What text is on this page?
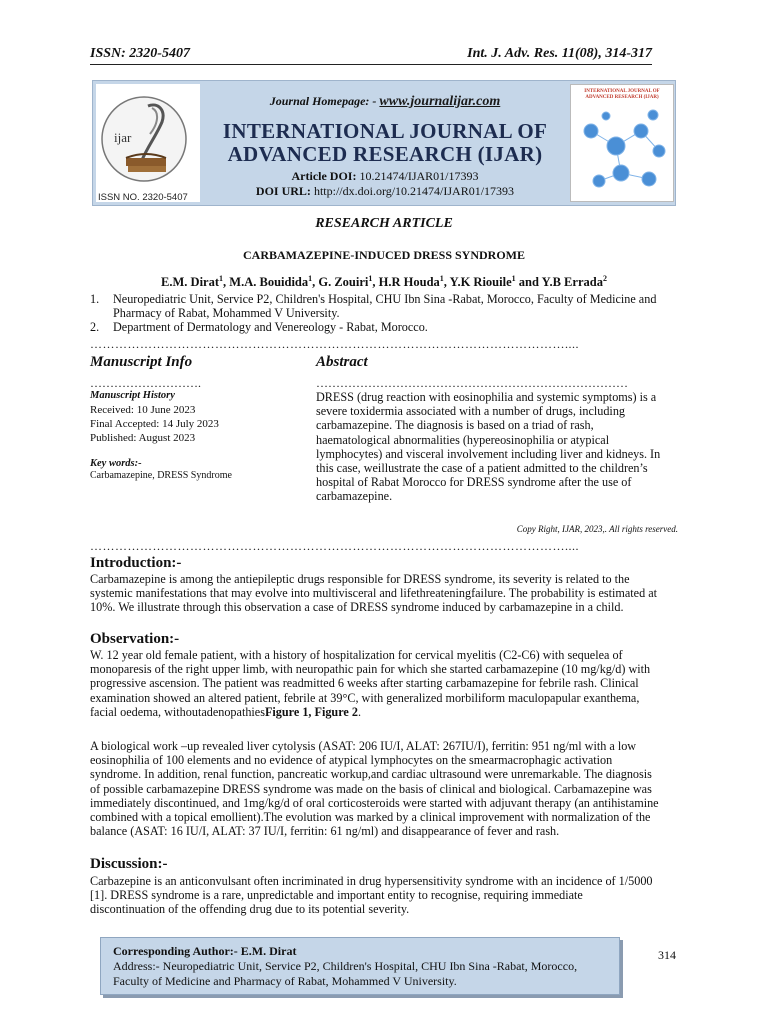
ISSN: 2320-5407	Int. J. Adv. Res. 11(08), 314-317
ijar
ISSN NO. 2320-5407
INTERNATIONAL JOURNAL OF ADVANCED RESEARCH (IJAR)
Journal Homepage: - www.journalijar.com
INTERNATIONAL JOURNAL OF
ADVANCED RESEARCH (IJAR)
Article DOI: 10.21474/IJAR01/17393
DOI URL: http://dx.doi.org/10.21474/IJAR01/17393
RESEARCH ARTICLE
CARBAMAZEPINE-INDUCED DRESS SYNDROME
E.M. Dirat$^1$, M.A. Bouidida$^1$, G. Zouiri$^1$, H.R Houda$^1$, Y.K Riouile$^1$ and Y.B Errada$^2$
1.	Neuropediatric Unit, Service P2, Children's Hospital, CHU Ibn Sina -Rabat, Morocco, Faculty of Medicine and
Pharmacy of Rabat, Mohammed V University.
2.	Department of Dermatology and Venereology - Rabat, Morocco.
……………………………………………………………………………………………………....
Manuscript Info
……………………….
Manuscript History
Received: 10 June 2023
Final Accepted: 14 July 2023
Published: August 2023
Key words:-
Carbamazepine, DRESS Syndrome
Abstract
……………………………………………………………………
DRESS (drug reaction with eosinophilia and systemic symptoms) is a
severe toxidermia associated with a number of drugs, including
carbamazepine. The diagnosis is based on a triad of rash,
haematological abnormalities (hypereosinophilia or atypical
lymphocytes) and visceral involvement including liver and kidneys. In
this case, weillustrate the case of a patient admitted to the children’s
hospital of Rabat Morocco for DRESS syndrome after the use of
carbamazepine.
Copy Right, IJAR, 2023,. All rights reserved.
……………………………………………………………………………………………………....
Introduction:-
Carbamazepine is among the antiepileptic drugs responsible for DRESS syndrome, its severity is related to the
systemic manifestations that may evolve into multivisceral and lifethreateningfailure. The probability is estimated at
10%. We illustrate through this observation a case of DRESS syndrome induced by carbamazepine in a child.
Observation:-
W. 12 year old female patient, with a history of hospitalization for cervical myelitis (C2-C6) with sequelea of
monoparesis of the right upper limb, with neuropathic pain for which she started carbamazepine (10 mg/kg/d) with
progressive ascension. The patient was readmitted 6 weeks after starting carbamazepine for febrile rash. Clinical
examination showed an altered patient, febrile at 39°C, with generalized morbiliform maculopapular exanthema,
facial oedema, withoutadenopathiesFigure 1, Figure 2.
A biological work –up revealed liver cytolysis (ASAT: 206 IU/I, ALAT: 267IU/I), ferritin: 951 ng/ml with a low
eosinophilia of 100 elements and no evidence of atypical lymphocytes on the smearmacrophagic activation
syndrome. In addition, renal function, pancreatic workup,and cardiac ultrasound were unremarkable. The diagnosis
of possible carbamazepine DRESS syndrome was made on the basis of clinical and biological. Carbamazepine was
immediately discontinued, and 1mg/kg/d of oral corticosteroids were started with adjuvant therapy (an antihistamine
combined with a topical emollient).The evolution was marked by a clinical improvement with normalization of the
balance (ASAT: 16 IU/I, ALAT: 37 IU/I, ferritin: 61 ng/ml) and disappearance of fever and rash.
Discussion:-
Carbazepine is an anticonvulsant often incriminated in drug hypersensitivity syndrome with an incidence of 1/5000
[1]. DRESS syndrome is a rare, unpredictable and important entity to recognise, requiring immediate
discontinuation of the offending drug due to its potential severity.
Corresponding Author:- E.M. Dirat
Address:- Neuropediatric Unit, Service P2, Children's Hospital, CHU Ibn Sina -Rabat, Morocco,
Faculty of Medicine and Pharmacy of Rabat, Mohammed V University.
314
